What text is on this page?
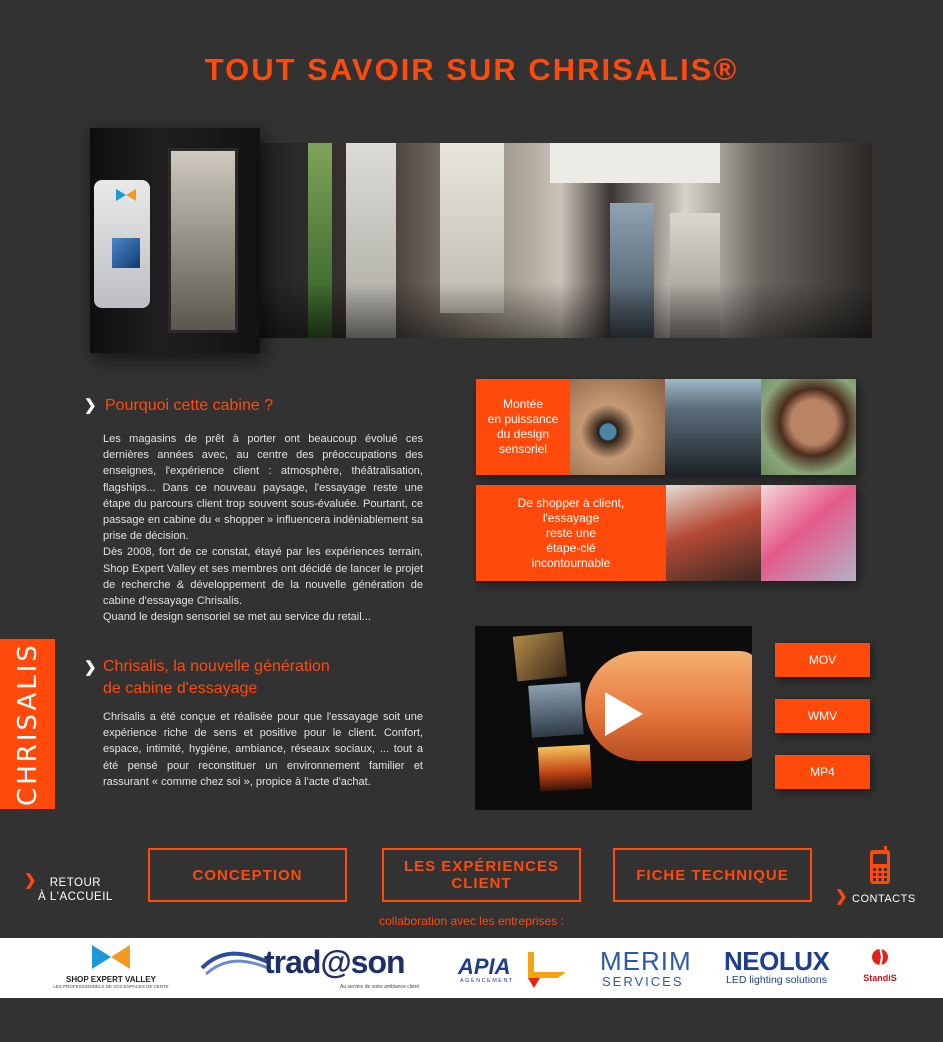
TOUT SAVOIR SUR CHRISALIS®
❯ Pourquoi cette cabine ?

Les magasins de prêt à porter ont beaucoup évolué ces dernières années avec, au centre des préoccupations des enseignes, l'expérience client : atmosphère, théâtralisation, flagships... Dans ce nouveau paysage, l'essayage reste une étape du parcours client trop souvent sous-évaluée. Pourtant, ce passage en cabine du « shopper » influencera indéniablement sa prise de décision.

Dès 2008, fort de ce constat, étayé par les expériences terrain, Shop Expert Valley et ses membres ont décidé de lancer le projet de recherche & développement de la nouvelle génération de cabine d'essayage Chrisalis.

Quand le design sensoriel se met au service du retail...

❯ Chrisalis, la nouvelle génération
de cabine d'essayage
Chrisalis a été conçue et réalisée pour que l'essayage soit une expérience riche de sens et positive pour le client. Confort, espace, intimité, hygiène, ambiance, réseaux sociaux, ... tout a été pensé pour reconstituer un environnement familier et rassurant « comme chez soi », propice à l'acte d'achat.
Montée
en puissance
du design
sensoriel
De shopper à client,
l'essayage
reste une
étape-clé
incontournable
MOV
WMV
MP4
CHRISALIS
❯	RETOUR
À L'ACCUEIL
CONCEPTION	LES EXPÉRIENCES
CLIENT	FICHE TECHNIQUE
❯ CONTACTS
collaboration avec les entreprises :
SHOP EXPERT VALLEY
LES PROFESSIONNELS DE VOS ESPACES DE VENTE
trad@son
Au service de votre ambiance client
APIA
AGENCEMENT
MERIM
SERVICES
NEOLUX
LED lighting solutions	StandiS
